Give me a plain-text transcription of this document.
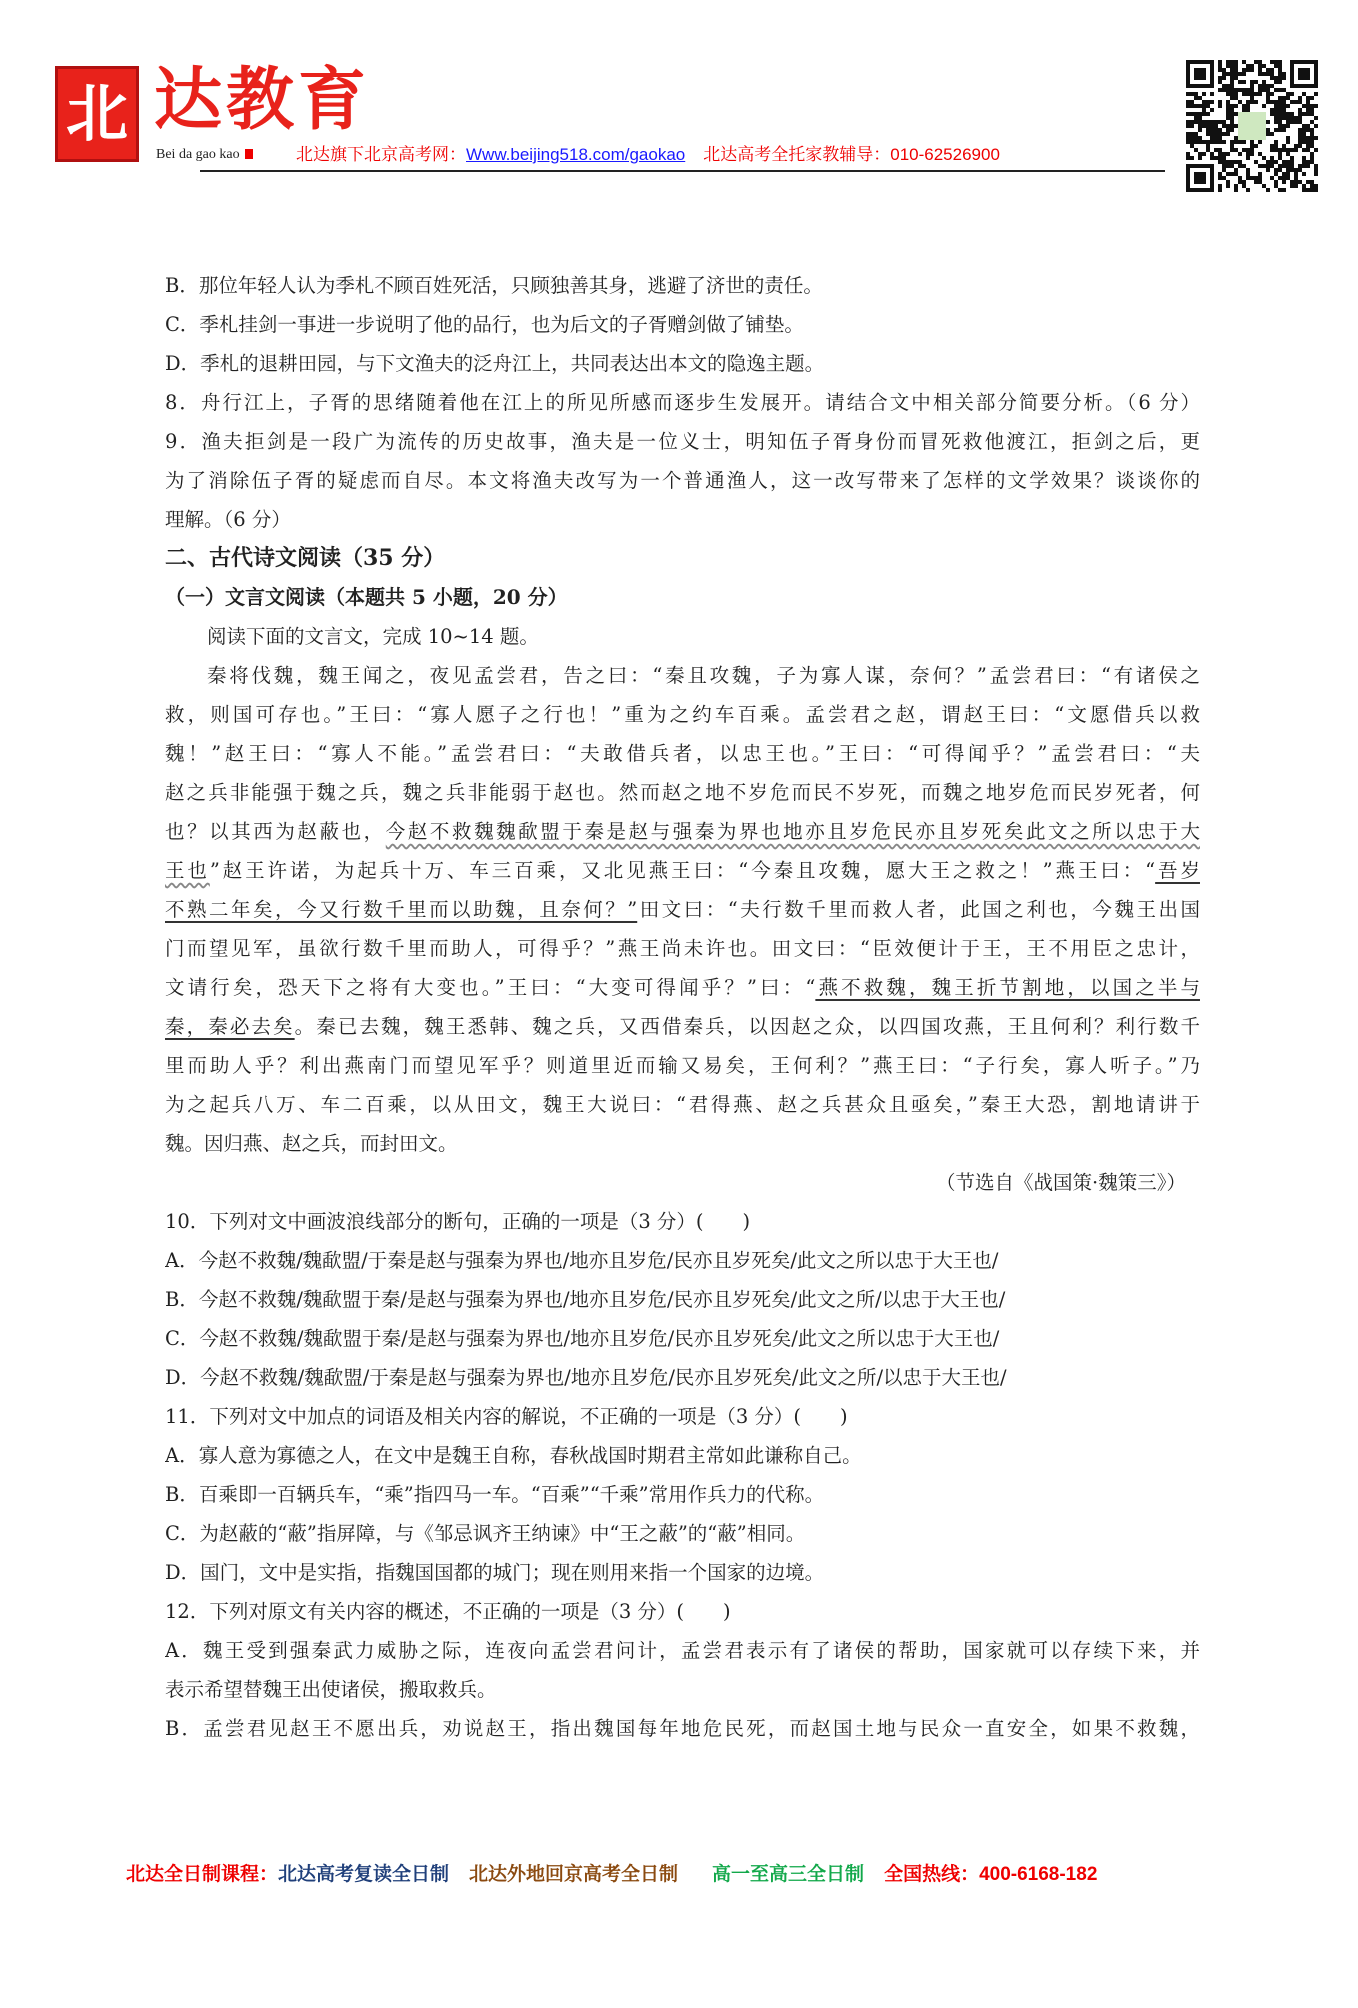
北 达教育
Bei da gao kao	北达旗下北京高考网：Www.beijing518.com/gaokao 北达高考全托家教辅导：010-62526900
B．那位年轻人认为季札不顾百姓死活，只顾独善其身，逃避了济世的责任。
C．季札挂剑一事进一步说明了他的品行，也为后文的子胥赠剑做了铺垫。
D．季札的退耕田园，与下文渔夫的泛舟江上，共同表达出本文的隐逸主题。
8．舟行江上，子胥的思绪随着他在江上的所见所感而逐步生发展开。请结合文中相关部分简要分析。（6 分）
9．渔夫拒剑是一段广为流传的历史故事，渔夫是一位义士，明知伍子胥身份而冒死救他渡江，拒剑之后，更
为了消除伍子胥的疑虑而自尽。本文将渔夫改写为一个普通渔人，这一改写带来了怎样的文学效果？谈谈你的
理解。（6 分）
二、古代诗文阅读（35 分）
（一）文言文阅读（本题共 5 小题，20 分）
阅读下面的文言文，完成 10~14 题。
秦将伐魏，魏王闻之，夜见孟尝君，告之曰：“秦且攻魏，子为寡人谋，奈何？”孟尝君曰：“有诸侯之
救，则国可存也。”王曰：“寡人愿子之行也！”重为之约车百乘。孟尝君之赵，谓赵王曰：“文愿借兵以救
魏！”赵王曰：“寡人不能。”孟尝君曰：“夫敢借兵者，以忠王也。”王曰：“可得闻乎？”孟尝君曰：“夫
赵之兵非能强于魏之兵，魏之兵非能弱于赵也。然而赵之地不岁危而民不岁死，而魏之地岁危而民岁死者，何
也？以其西为赵蔽也，今赵不救魏魏歃盟于秦是赵与强秦为界也地亦且岁危民亦且岁死矣此文之所以忠于大
王也”赵王许诺，为起兵十万、车三百乘，又北见燕王曰：“今秦且攻魏，愿大王之救之！”燕王曰：“吾岁
不熟二年矣，今又行数千里而以助魏，且奈何？”田文曰：“夫行数千里而救人者，此国之利也，今魏王出国
门而望见军，虽欲行数千里而助人，可得乎？”燕王尚未许也。田文曰：“臣效便计于王，王不用臣之忠计，
文请行矣，恐天下之将有大变也。”王曰：“大变可得闻乎？”曰：“燕不救魏，魏王折节割地，以国之半与
秦，秦必去矣。秦已去魏，魏王悉韩、魏之兵，又西借秦兵，以因赵之众，以四国攻燕，王且何利？利行数千
里而助人乎？利出燕南门而望见军乎？则道里近而输又易矣，王何利？”燕王曰：“子行矣，寡人听子。”乃
为之起兵八万、车二百乘，以从田文，魏王大说曰：“君得燕、赵之兵甚众且亟矣，”秦王大恐，割地请讲于
魏。因归燕、赵之兵，而封田文。
（节选自《战国策·魏策三》）
10．下列对文中画波浪线部分的断句，正确的一项是（3 分）(　　)
A．今赵不救魏/魏歃盟/于秦是赵与强秦为界也/地亦且岁危/民亦且岁死矣/此文之所以忠于大王也/
B．今赵不救魏/魏歃盟于秦/是赵与强秦为界也/地亦且岁危/民亦且岁死矣/此文之所/以忠于大王也/
C．今赵不救魏/魏歃盟于秦/是赵与强秦为界也/地亦且岁危/民亦且岁死矣/此文之所以忠于大王也/
D．今赵不救魏/魏歃盟/于秦是赵与强秦为界也/地亦且岁危/民亦且岁死矣/此文之所/以忠于大王也/
11．下列对文中加点的词语及相关内容的解说，不正确的一项是（3 分）(　　)
A．寡人意为寡德之人，在文中是魏王自称，春秋战国时期君主常如此谦称自己。
B．百乘即一百辆兵车，“乘”指四马一车。“百乘”“千乘”常用作兵力的代称。
C．为赵蔽的“蔽”指屏障，与《邹忌讽齐王纳谏》中“王之蔽”的“蔽”相同。
D．国门，文中是实指，指魏国国都的城门；现在则用来指一个国家的边境。
12．下列对原文有关内容的概述，不正确的一项是（3 分）(　　)
A．魏王受到强秦武力威胁之际，连夜向孟尝君问计，孟尝君表示有了诸侯的帮助，国家就可以存续下来，并
表示希望替魏王出使诸侯，搬取救兵。
B．孟尝君见赵王不愿出兵，劝说赵王，指出魏国每年地危民死，而赵国土地与民众一直安全，如果不救魏，
北达全日制课程：北达高考复读全日制 北达外地回京高考全日制 高一至高三全日制 全国热线：400-6168-182
